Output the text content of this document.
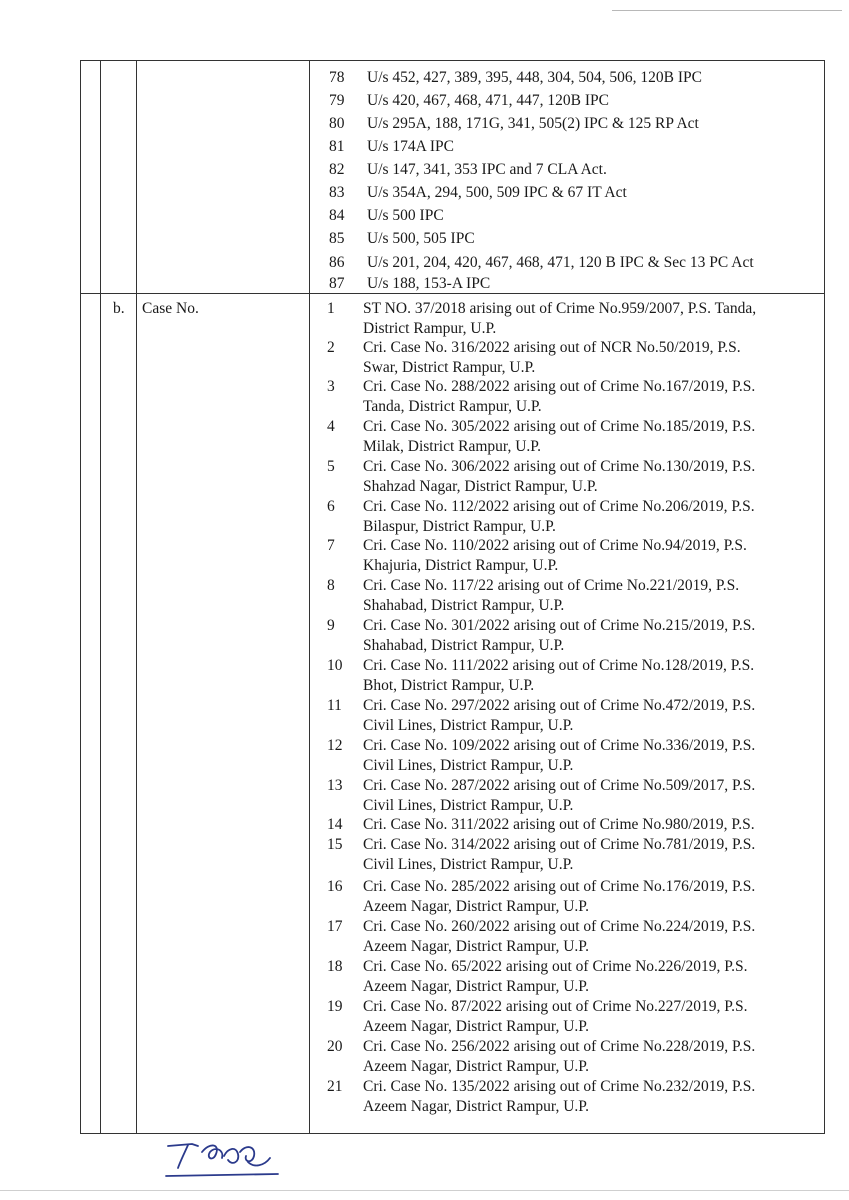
78	U/s 452, 427, 389, 395, 448, 304, 504, 506, 120B IPC
79	U/s 420, 467, 468, 471, 447, 120B IPC
80	U/s 295A, 188, 171G, 341, 505(2) IPC & 125 RP Act
81	U/s 174A IPC
82	U/s 147, 341, 353 IPC and 7 CLA Act.
83	U/s 354A, 294, 500, 509 IPC & 67 IT Act
84	U/s 500 IPC
85	U/s 500, 505 IPC
86	U/s 201, 204, 420, 467, 468, 471, 120 B IPC & Sec 13 PC Act
87	U/s 188, 153-A IPC
b. Case No.	1	ST NO. 37/2018 arising out of Crime No.959/2007, P.S. Tanda,
District Rampur, U.P.
2	Cri. Case No. 316/2022 arising out of NCR No.50/2019, P.S.
Swar, District Rampur, U.P.
3	Cri. Case No. 288/2022 arising out of Crime No.167/2019, P.S.
Tanda, District Rampur, U.P.
4	Cri. Case No. 305/2022 arising out of Crime No.185/2019, P.S.
Milak, District Rampur, U.P.
5	Cri. Case No. 306/2022 arising out of Crime No.130/2019, P.S.
Shahzad Nagar, District Rampur, U.P.
6	Cri. Case No. 112/2022 arising out of Crime No.206/2019, P.S.
Bilaspur, District Rampur, U.P.
7	Cri. Case No. 110/2022 arising out of Crime No.94/2019, P.S.
Khajuria, District Rampur, U.P.
8	Cri. Case No. 117/22 arising out of Crime No.221/2019, P.S.
Shahabad, District Rampur, U.P.
9	Cri. Case No. 301/2022 arising out of Crime No.215/2019, P.S.
Shahabad, District Rampur, U.P.
10	Cri. Case No. 111/2022 arising out of Crime No.128/2019, P.S.
Bhot, District Rampur, U.P.
11	Cri. Case No. 297/2022 arising out of Crime No.472/2019, P.S.
Civil Lines, District Rampur, U.P.
12	Cri. Case No. 109/2022 arising out of Crime No.336/2019, P.S.
Civil Lines, District Rampur, U.P.
13	Cri. Case No. 287/2022 arising out of Crime No.509/2017, P.S.
Civil Lines, District Rampur, U.P.
14	Cri. Case No. 311/2022 arising out of Crime No.980/2019, P.S.
15	Cri. Case No. 314/2022 arising out of Crime No.781/2019, P.S.
Civil Lines, District Rampur, U.P.
16	Cri. Case No. 285/2022 arising out of Crime No.176/2019, P.S.
Azeem Nagar, District Rampur, U.P.
17	Cri. Case No. 260/2022 arising out of Crime No.224/2019, P.S.
Azeem Nagar, District Rampur, U.P.
18	Cri. Case No. 65/2022 arising out of Crime No.226/2019, P.S.
Azeem Nagar, District Rampur, U.P.
19	Cri. Case No. 87/2022 arising out of Crime No.227/2019, P.S.
Azeem Nagar, District Rampur, U.P.
20	Cri. Case No. 256/2022 arising out of Crime No.228/2019, P.S.
Azeem Nagar, District Rampur, U.P.
21	Cri. Case No. 135/2022 arising out of Crime No.232/2019, P.S.
Azeem Nagar, District Rampur, U.P.
